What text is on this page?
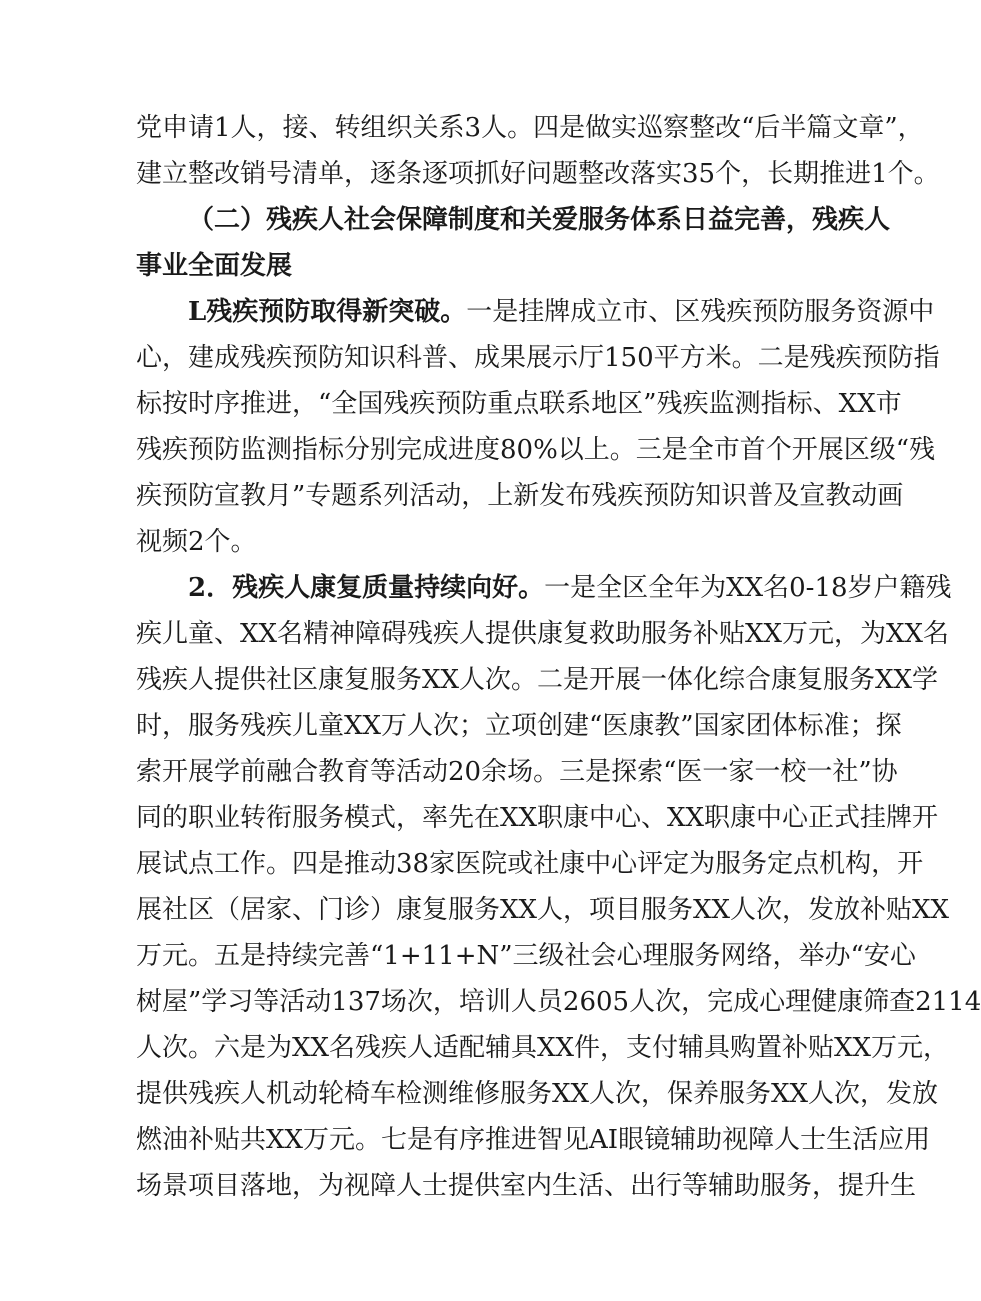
党申请1人，接、转组织关系3人。四是做实巡察整改“后半篇文章”，
建立整改销号清单，逐条逐项抓好问题整改落实35个，长期推进1个。
（二）残疾人社会保障制度和关爱服务体系日益完善，残疾人
事业全面发展
L残疾预防取得新突破。一是挂牌成立市、区残疾预防服务资源中
心，建成残疾预防知识科普、成果展示厅150平方米。二是残疾预防指
标按时序推进，“全国残疾预防重点联系地区”残疾监测指标、XX市
残疾预防监测指标分别完成进度80%以上。三是全市首个开展区级“残
疾预防宣教月”专题系列活动，上新发布残疾预防知识普及宣教动画
视频2个。
2．残疾人康复质量持续向好。一是全区全年为XX名0-18岁户籍残
疾儿童、XX名精神障碍残疾人提供康复救助服务补贴XX万元，为XX名
残疾人提供社区康复服务XX人次。二是开展一体化综合康复服务XX学
时，服务残疾儿童XX万人次；立项创建“医康教”国家团体标准；探
索开展学前融合教育等活动20余场。三是探索“医一家一校一社”协
同的职业转衔服务模式，率先在XX职康中心、XX职康中心正式挂牌开
展试点工作。四是推动38家医院或社康中心评定为服务定点机构，开
展社区（居家、门诊）康复服务XX人，项目服务XX人次，发放补贴XX
万元。五是持续完善“1+11+N”三级社会心理服务网络，举办“安心
树屋”学习等活动137场次，培训人员2605人次，完成心理健康筛查2114
人次。六是为XX名残疾人适配辅具XX件，支付辅具购置补贴XX万元，
提供残疾人机动轮椅车检测维修服务XX人次，保养服务XX人次，发放
燃油补贴共XX万元。七是有序推进智见AI眼镜辅助视障人士生活应用
场景项目落地，为视障人士提供室内生活、出行等辅助服务，提升生
